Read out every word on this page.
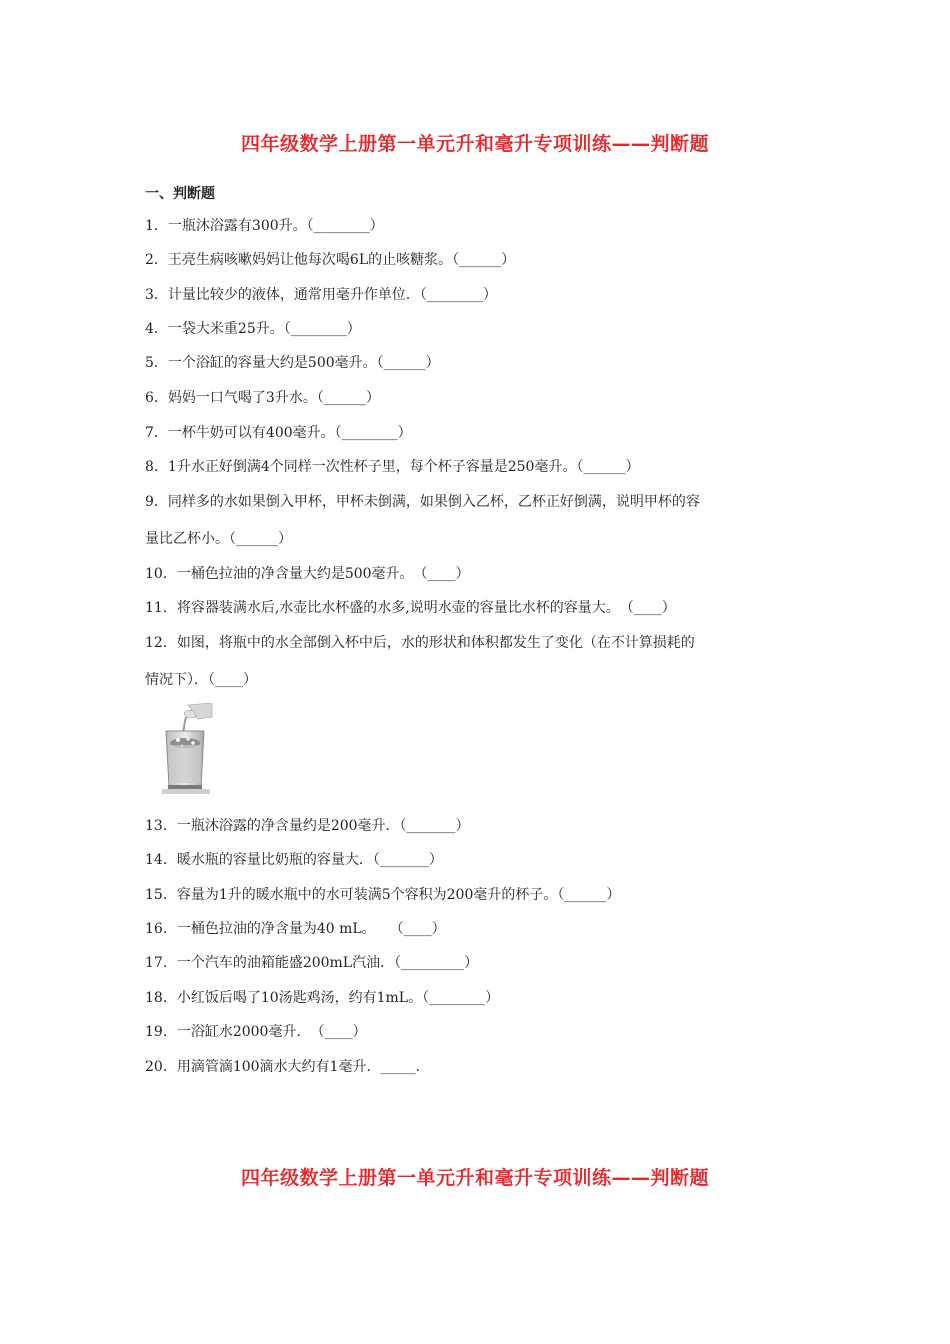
四年级数学上册第一单元升和毫升专项训练——判断题
一、判断题
1．一瓶沐浴露有300升。（________）
2．王亮生病咳嗽妈妈让他每次喝6L的止咳糖浆。（______）
3．计量比较少的液体，通常用毫升作单位．（________）
4．一袋大米重25升。（________）
5．一个浴缸的容量大约是500毫升。（______）
6．妈妈一口气喝了3升水。（______）
7．一杯牛奶可以有400毫升。（________）
8．1升水正好倒满4个同样一次性杯子里，每个杯子容量是250毫升。（______）
9．同样多的水如果倒入甲杯，甲杯未倒满，如果倒入乙杯，乙杯正好倒满，说明甲杯的容
量比乙杯小。（______）
10．一桶色拉油的净含量大约是500毫升。　（____）
11．将容器装满水后,水壶比水杯盛的水多,说明水壶的容量比水杯的容量大。　（____）
12．如图，将瓶中的水全部倒入杯中后，水的形状和体积都发生了变化（在不计算损耗的
情况下）．（____）
13．一瓶沐浴露的净含量约是200毫升．（_______）
14．暖水瓶的容量比奶瓶的容量大．（_______）
15．容量为1升的暖水瓶中的水可装满5个容积为200毫升的杯子。（______）
16．一桶色拉油的净含量为40 mL。　　（____）
17．一个汽车的油箱能盛200mL汽油．（_________）
18．小红饭后喝了10汤匙鸡汤，约有1mL。（________）
19．一浴缸水2000毫升．　（____）
20．用滴管滴100滴水大约有1毫升．_____.
四年级数学上册第一单元升和毫升专项训练——判断题
